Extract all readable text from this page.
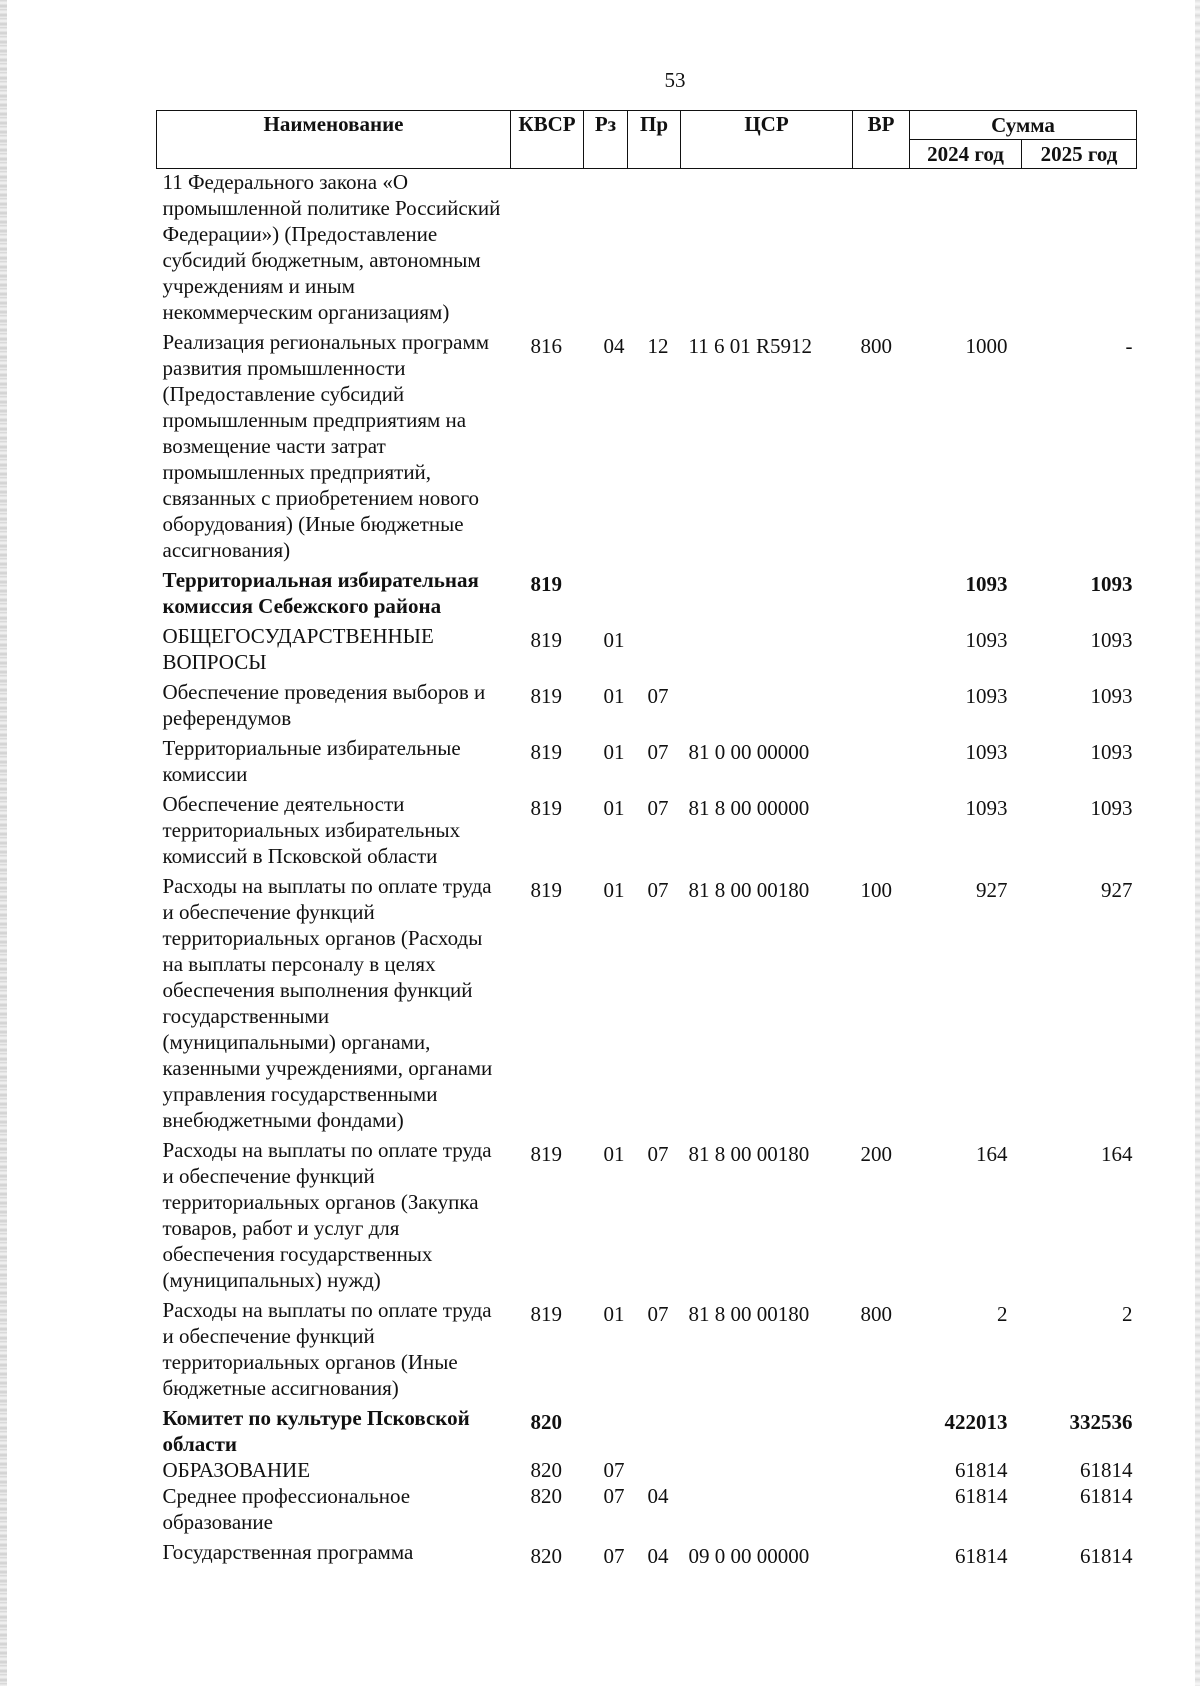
53
Наименование	КВСР	Рз	Пр	ЦСР	ВР	Сумма	
						2024 год	2025 год
11 Федерального закона «О промышленной политике Российский Федерации») (Предоставление субсидий бюджетным, автономным учреждениям и иным некоммерческим организациям)							
Реализация региональных программ развития промышленности (Предоставление субсидий промышленным предприятиям на возмещение части затрат промышленных предприятий, связанных с приобретением нового оборудования) (Иные бюджетные ассигнования)	816	04	12	11 6 01 R5912	800	1000	-
Территориальная избирательная комиссия Себежского района	819					1093	1093
ОБЩЕГОСУДАРСТВЕННЫЕ ВОПРОСЫ	819	01				1093	1093
Обеспечение проведения выборов и референдумов	819	01	07			1093	1093
Территориальные избирательные комиссии	819	01	07	81 0 00 00000		1093	1093
Обеспечение деятельности территориальных избирательных комиссий в Псковской области	819	01	07	81 8 00 00000		1093	1093
Расходы на выплаты по оплате труда и обеспечение функций территориальных органов (Расходы на выплаты персоналу в целях обеспечения выполнения функций государственными (муниципальными) органами, казенными учреждениями, органами управления государственными внебюджетными фондами)	819	01	07	81 8 00 00180	100	927	927
Расходы на выплаты по оплате труда и обеспечение функций территориальных органов (Закупка товаров, работ и услуг для обеспечения государственных (муниципальных) нужд)	819	01	07	81 8 00 00180	200	164	164
Расходы на выплаты по оплате труда и обеспечение функций территориальных органов (Иные бюджетные ассигнования)	819	01	07	81 8 00 00180	800	2	2
Комитет по культуре Псковской области	820					422013	332536
ОБРАЗОВАНИЕ	820	07				61814	61814
Среднее профессиональное образование	820	07	04			61814	61814
Государственная программа	820	07	04	09 0 00 00000		61814	61814
